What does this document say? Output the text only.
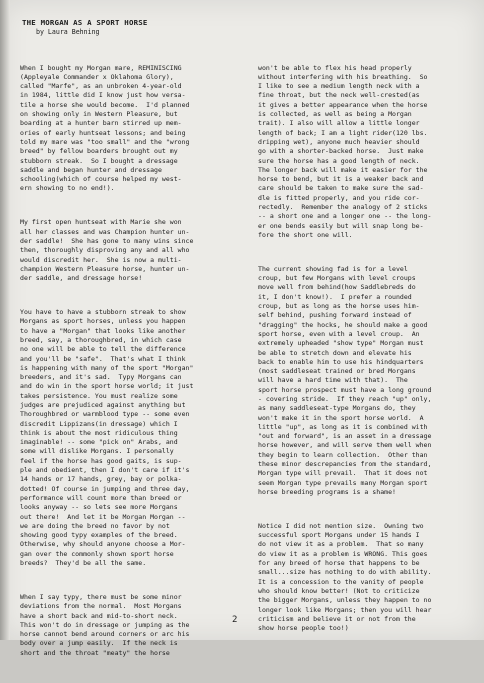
THE MORGAN AS A SPORT HORSE

by Laura Behning

When I bought my Morgan mare, REMINISCING
(Appleyale Commander x Oklahoma Glory),
called "Marfe", as an unbroken 4-year-old
in 1984, little did I know just how versa-
tile a horse she would become.  I'd planned
on showing only in Western Pleasure, but
boarding at a hunter barn stirred up mem-
ories of early huntseat lessons; and being
told my mare was "too small" and the "wrong
breed" by fellow boarders brought out my
stubborn streak.  So I bought a dressage
saddle and began hunter and dressage
schooling(which of course helped my west-
ern showing to no end!).

My first open huntseat with Marie she won
all her classes and was Champion hunter un-
der saddle!  She has gone to many wins since
then, thoroughly disproving any and all who
would discredit her.  She is now a multi-
champion Western Pleasure horse, hunter un-
der saddle, and dressage horse!

You have to have a stubborn streak to show
Morgans as sport horses, unless you happen
to have a "Morgan" that looks like another
breed, say, a thoroughbred, in which case
no one will be able to tell the difference
and you'll be "safe".  That's what I think
is happening with many of the sport "Morgan"
breeders, and it's sad.  Typy Morgans can
and do win in the sport horse world; it just
takes persistence. You must realize some
judges are prejudiced against anything but
Thoroughbred or warmblood type -- some even
discredit Lippizans(in dressage) which I
think is about the most ridiculous thing
imaginable! -- some "pick on" Arabs, and
some will dislike Morgans. I personally
feel if the horse has good gaits, is sup-
ple and obedient, then I don't care if it's
14 hands or 17 hands, grey, bay or polka-
dotted! Of course in jumping and three day,
performance will count more than breed or
looks anyway -- so lets see more Morgans
out there!  And let it be Morgan Morgan --
we are doing the breed no favor by not
showing good typy examples of the breed.
Otherwise, why should anyone choose a Mor-
gan over the commonly shown sport horse
breeds?  They'd be all the same.

When I say typy, there must be some minor
deviations from the normal.  Most Morgans
have a short back and mid-to-short neck.
This won't do in dressage or jumping as the
horse cannot bend around corners or arc his
body over a jump easily.  If the neck is
short and the throat "meaty" the horse

won't be able to flex his head properly
without interfering with his breathing.  So
I like to see a medium length neck with a
fine throat, but the neck well-crested(as
it gives a better appearance when the horse
is collected, as well as being a Morgan
trait). I also will allow a little longer
length of back; I am a light rider(120 lbs.
dripping wet), anyone much heavier should
go with a shorter-backed horse.  Just make
sure the horse has a good length of neck.
The longer back will make it easier for the
horse to bend, but it is a weaker back and
care should be taken to make sure the sad-
dle is fitted properly, and you ride cor-
rectedly.  Remember the analogy of 2 sticks
-- a short one and a longer one -- the long-
er one bends easily but will snap long be-
fore the short one will.

The current showing fad is for a level
croup, but few Morgans with level croups
move well from behind(how Saddlebreds do
it, I don't know!).  I prefer a rounded
croup, but as long as the horse uses him-
self behind, pushing forward instead of
"dragging" the hocks, he should make a good
sport horse, even with a level croup.  An
extremely upheaded "show type" Morgan must
be able to stretch down and elevate his
back to enable him to use his hindquarters
(most saddleseat trained or bred Morgans
will have a hard time with that).  The
sport horse prospect must have a long ground
- covering stride.  If they reach "up" only,
as many saddleseat-type Morgans do, they
won't make it in the sport horse world.  A
little "up", as long as it is combined with
"out and forward", is an asset in a dressage
horse however, and will serve them well when
they begin to learn collection.  Other than
these minor descrepancies from the standard,
Morgan type will prevail.  That it does not
seem Morgan type prevails many Morgan sport
horse breeding programs is a shame!

Notice I did not mention size.  Owning two
successful sport Morgans under 15 hands I
do not view it as a problem.  That so many
do view it as a problem is WRONG. This goes
for any breed of horse that happens to be
small...size has nothing to do with ability.
It is a concession to the vanity of people
who should know better! (Not to criticize
the bigger Morgans, unless they happen to no
longer look like Morgans; then you will hear
criticism and believe it or not from the
show horse people too!)

2
